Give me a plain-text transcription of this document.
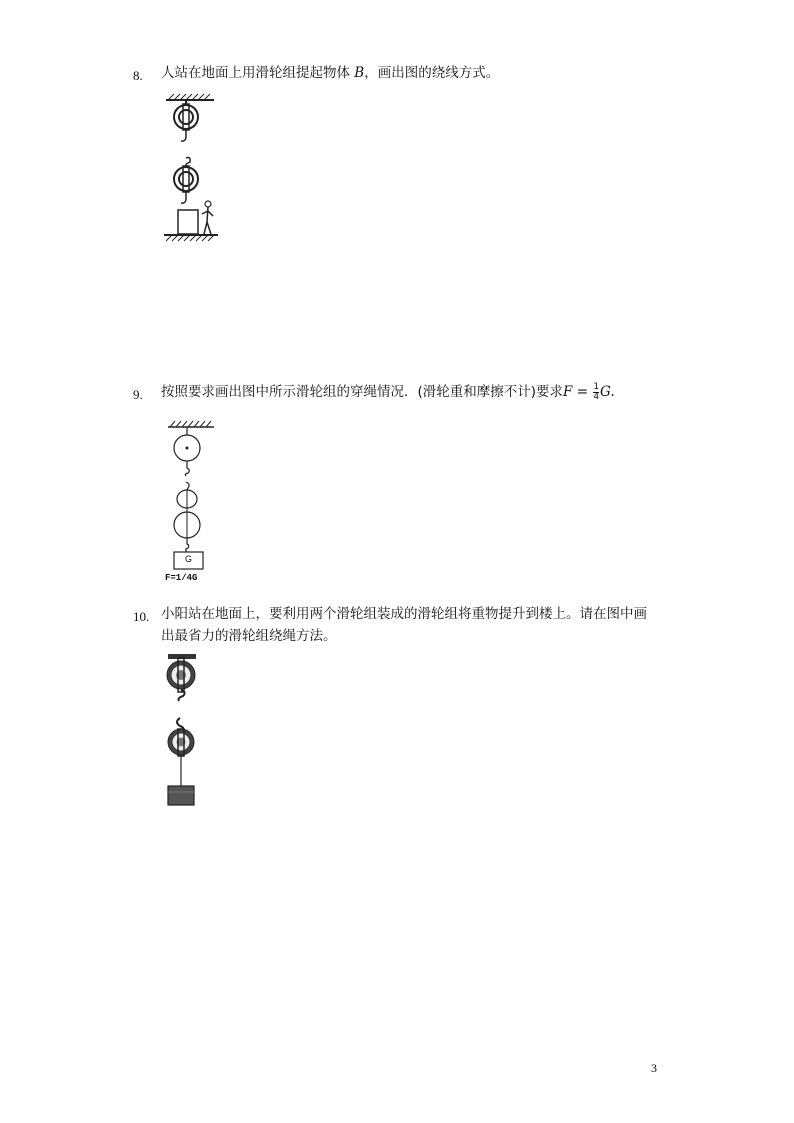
8. 人站在地面上用滑轮组提起物体 B，画出图的绕线方式。
9. 按照要求画出图中所示滑轮组的穿绳情况．(滑轮重和摩擦不计)要求$F = \frac{1}{4} G$.
G
F=1/4G
10. 小阳站在地面上，要利用两个滑轮组装成的滑轮组将重物提升到楼上。请在图中画
出最省力的滑轮组绕绳方法。
3
